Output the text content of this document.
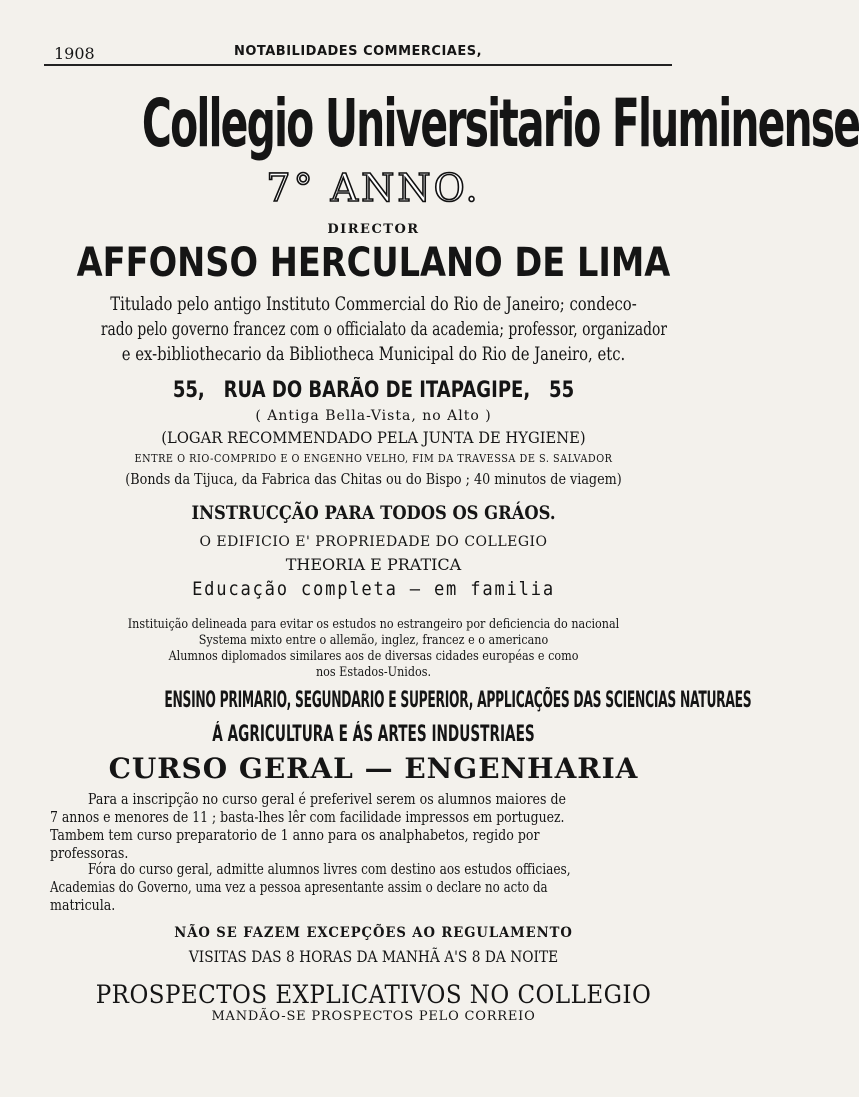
1908	NOTABILIDADES COMMERCIAES,
Collegio Universitario Fluminense
7° ANNO.
DIRECTOR
AFFONSO HERCULANO DE LIMA
Titulado pelo antigo Instituto Commercial do Rio de Janeiro; condeco-
rado pelo governo francez com o officialato da academia; professor, organizador
e ex-bibliothecario da Bibliotheca Municipal do Rio de Janeiro, etc.
55,   RUA DO BARÃO DE ITAPAGIPE,   55
( Antiga Bella-Vista, no Alto )
(LOGAR RECOMMENDADO PELA JUNTA DE HYGIENE)
ENTRE O RIO-COMPRIDO E O ENGENHO VELHO, FIM DA TRAVESSA DE S. SALVADOR
(Bonds da Tijuca, da Fabrica das Chitas ou do Bispo ; 40 minutos de viagem)
INSTRUCÇÃO PARA TODOS OS GRÁOS.
O EDIFICIO E' PROPRIEDADE DO COLLEGIO
THEORIA E PRATICA
Educação completa — em familia
Instituição delineada para evitar os estudos no estrangeiro por deficiencia do nacional
Systema mixto entre o allemão, inglez, francez e o americano
Alumnos diplomados similares aos de diversas cidades européas e como
nos Estados-Unidos.
ENSINO PRIMARIO, SEGUNDARIO E SUPERIOR, APPLICAÇÕES DAS SCIENCIAS NATURAES
Á AGRICULTURA E ÁS ARTES INDUSTRIAES
CURSO GERAL — ENGENHARIA
Para a inscripção no curso geral é preferivel serem os alumnos maiores de
7 annos e menores de 11 ; basta-lhes lêr com facilidade impressos em portuguez.
Tambem tem curso preparatorio de 1 anno para os analphabetos, regido por
professoras.
Fóra do curso geral, admitte alumnos livres com destino aos estudos officiaes,
Academias do Governo, uma vez a pessoa apresentante assim o declare no acto da
matricula.
NÃO SE FAZEM EXCEPÇÕES AO REGULAMENTO
VISITAS DAS 8 HORAS DA MANHÃ A'S 8 DA NOITE
PROSPECTOS EXPLICATIVOS NO COLLEGIO
MANDÃO-SE PROSPECTOS PELO CORREIO
